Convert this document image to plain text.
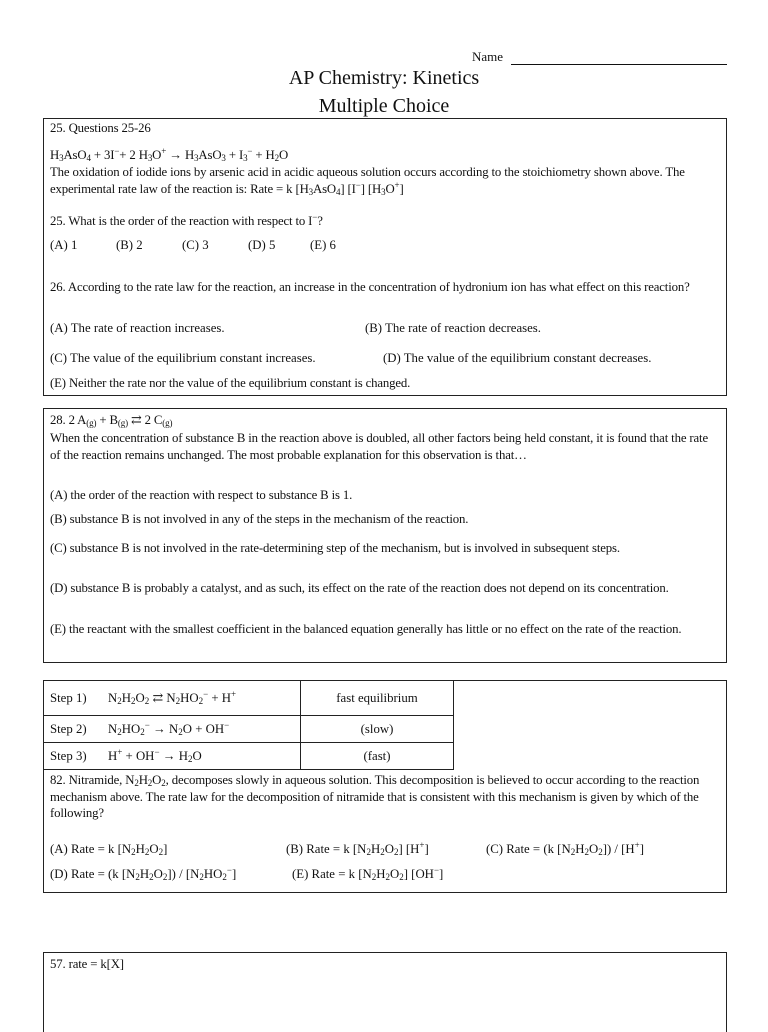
Name
AP Chemistry: Kinetics
Multiple Choice
25. Questions 25-26
$H_3AsO_4 + 3I^-+ 2$ $H_3O^+ \to H_3AsO_3 + I_3^- + H_2O$
The oxidation of iodide ions by arsenic acid in acidic aqueous solution occurs according to the stoichiometry shown above. The experimental rate law of the reaction is: Rate = k $[H_3AsO_4]$ [I−] $[H_3O^+]$
25. What is the order of the reaction with respect to I−?
(A) 1	(B) 2	(C) 3	(D) 5	(E) 6
26. According to the rate law for the reaction, an increase in the concentration of hydronium ion has what effect on this reaction?
(A) The rate of reaction increases.	(B) The rate of reaction decreases.
(C) The value of the equilibrium constant increases.	(D) The value of the equilibrium constant decreases.
(E) Neither the rate nor the value of the equilibrium constant is changed.
28. 2 $A_{(g)} + B_{(g)}$ ⇄ 2 $C_{(g)}$
When the concentration of substance B in the reaction above is doubled, all other factors being held constant, it is found that the rate of the reaction remains unchanged. The most probable explanation for this observation is that…
(A) the order of the reaction with respect to substance B is 1.
(B) substance B is not involved in any of the steps in the mechanism of the reaction.
(C) substance B is not involved in the rate-determining step of the mechanism, but is involved in subsequent steps.
(D) substance B is probably a catalyst, and as such, its effect on the rate of the reaction does not depend on its concentration.
(E) the reactant with the smallest coefficient in the balanced equation generally has little or no effect on the rate of the reaction.
Step 1) $N_2H_2O_2$ ⇄ $N_2HO_2^- + H^+$	fast equilibrium
Step 2) $N_2HO_2^- \to N_2O + OH^-$	(slow)
Step 3) $H^+ + OH^- \to H_2O$	(fast)
82. Nitramide, $N_2H_2O_2$, decomposes slowly in aqueous solution. This decomposition is believed to occur according to the reaction mechanism above. The rate law for the decomposition of nitramide that is consistent with this mechanism is given by which of the following?
(A) Rate = k $[N_2H_2O_2]$	(B) Rate = k $[N_2H_2O_2]$ [H+]	(C) Rate = (k $[N_2H_2O_2]) / [H^+]$
(D) Rate = (k $[N_2H_2O_2]) / [N_2HO_2^-]$	(E) Rate = k $[N_2H_2O_2]$ [OH−]
57. rate = k[X]
